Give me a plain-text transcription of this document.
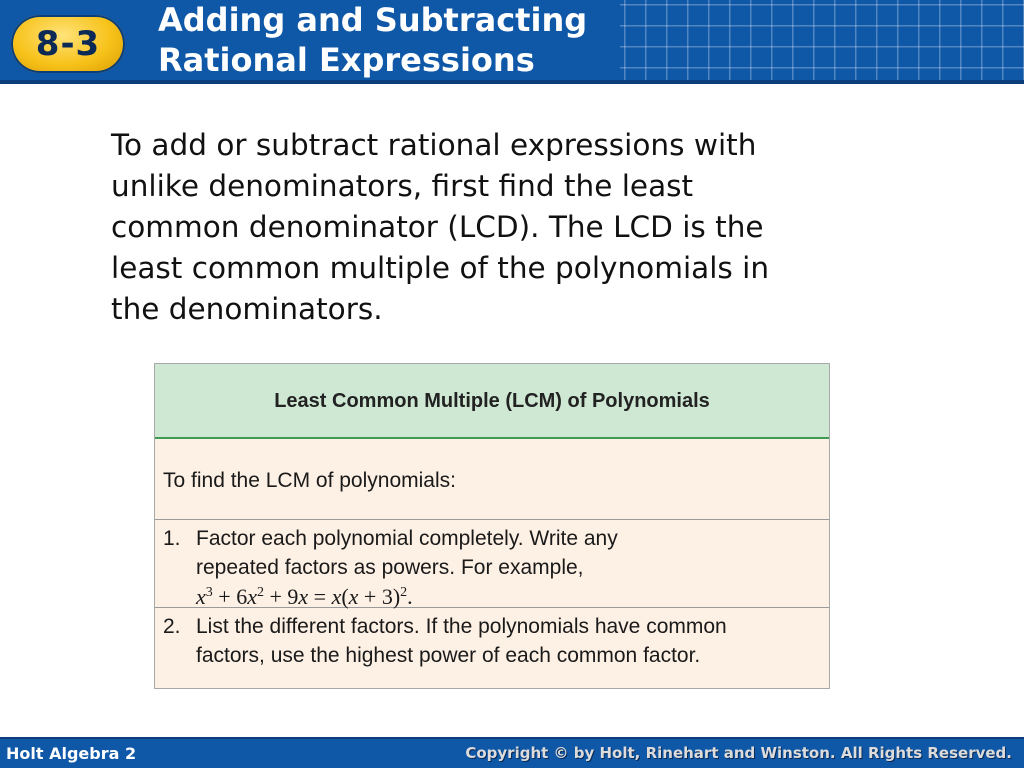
8-3
Adding and Subtracting
Rational Expressions

To add or subtract rational expressions with
unlike denominators, first find the least
common denominator (LCD). The LCD is the
least common multiple of the polynomials in
the denominators.

Least Common Multiple (LCM) of Polynomials
To find the LCM of polynomials:
1. Factor each polynomial completely. Write any
repeated factors as powers. For example,
$x^3 + 6x^2 + 9x = x(x + 3)^2$.
2. List the different factors. If the polynomials have common
factors, use the highest power of each common factor.
Holt Algebra 2	Copyright © by Holt, Rinehart and Winston. All Rights Reserved.
